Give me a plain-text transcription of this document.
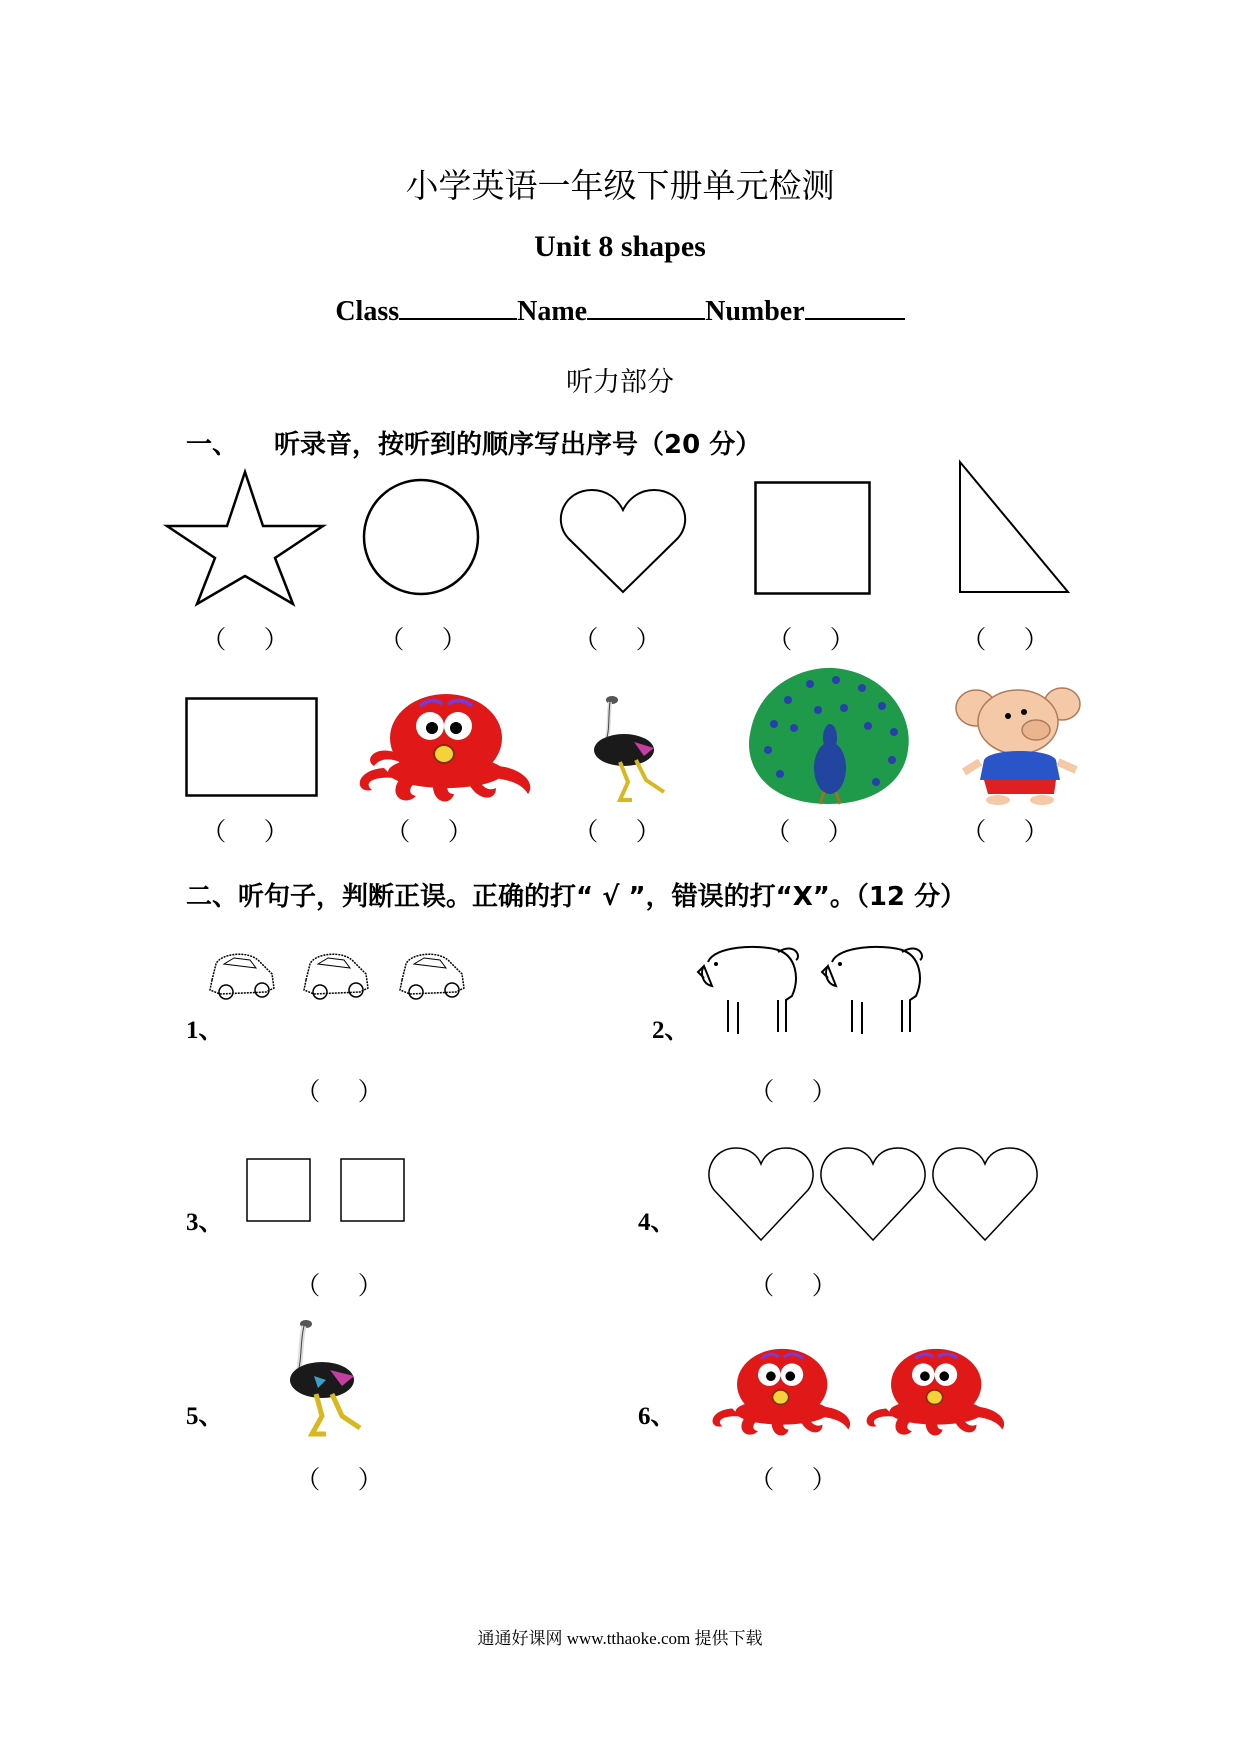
小学英语一年级下册单元检测
Unit 8 shapes
Class	Name	Number
听力部分
一、 听录音，按听到的顺序写出序号（20 分）
（      ）	（      ）	（      ）	（      ）	（      ）
（      ）	（      ）	（      ）	（      ）	（      ）
二、听句子，判断正误。正确的打“ √ ”，错误的打“X”。（12 分）
1、
（      ）
2、
（      ）
3、
（      ）
4、
（      ）
5、
（      ）
6、
（      ）
通通好课网 www.tthaoke.com 提供下载
